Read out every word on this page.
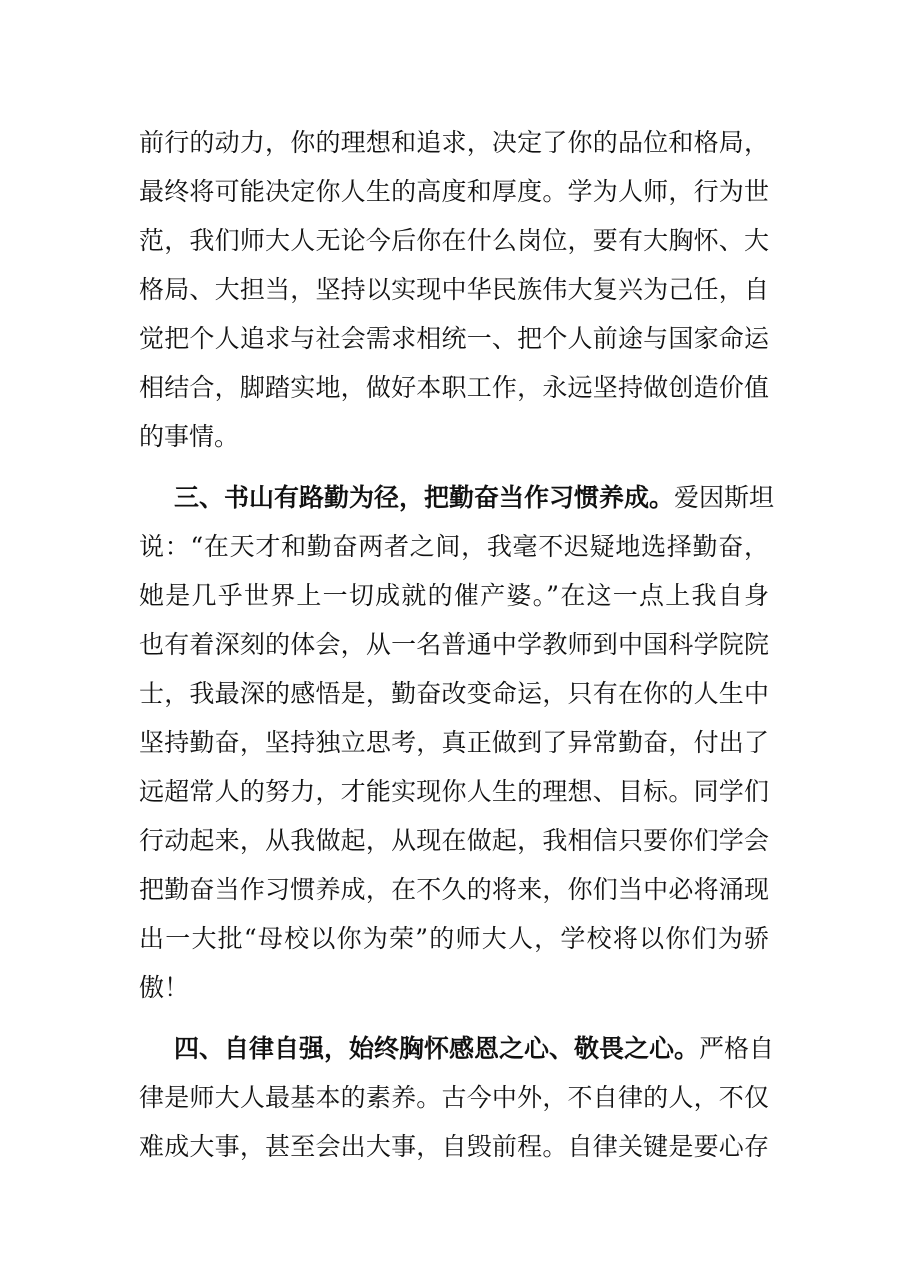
前行的动力，你的理想和追求，决定了你的品位和格局，
最终将可能决定你人生的高度和厚度。学为人师，行为世
范，我们师大人无论今后你在什么岗位，要有大胸怀、大
格局、大担当，坚持以实现中华民族伟大复兴为己任，自
觉把个人追求与社会需求相统一、把个人前途与国家命运
相结合，脚踏实地，做好本职工作，永远坚持做创造价值
的事情。
三、书山有路勤为径，把勤奋当作习惯养成。爱因斯坦
说：“在天才和勤奋两者之间，我毫不迟疑地选择勤奋，
她是几乎世界上一切成就的催产婆。”在这一点上我自身
也有着深刻的体会，从一名普通中学教师到中国科学院院
士，我最深的感悟是，勤奋改变命运，只有在你的人生中
坚持勤奋，坚持独立思考，真正做到了异常勤奋，付出了
远超常人的努力，才能实现你人生的理想、目标。同学们
行动起来，从我做起，从现在做起，我相信只要你们学会
把勤奋当作习惯养成，在不久的将来，你们当中必将涌现
出一大批“母校以你为荣”的师大人，学校将以你们为骄
傲！
四、自律自强，始终胸怀感恩之心、敬畏之心。严格自
律是师大人最基本的素养。古今中外，不自律的人，不仅
难成大事，甚至会出大事，自毁前程。自律关键是要心存
